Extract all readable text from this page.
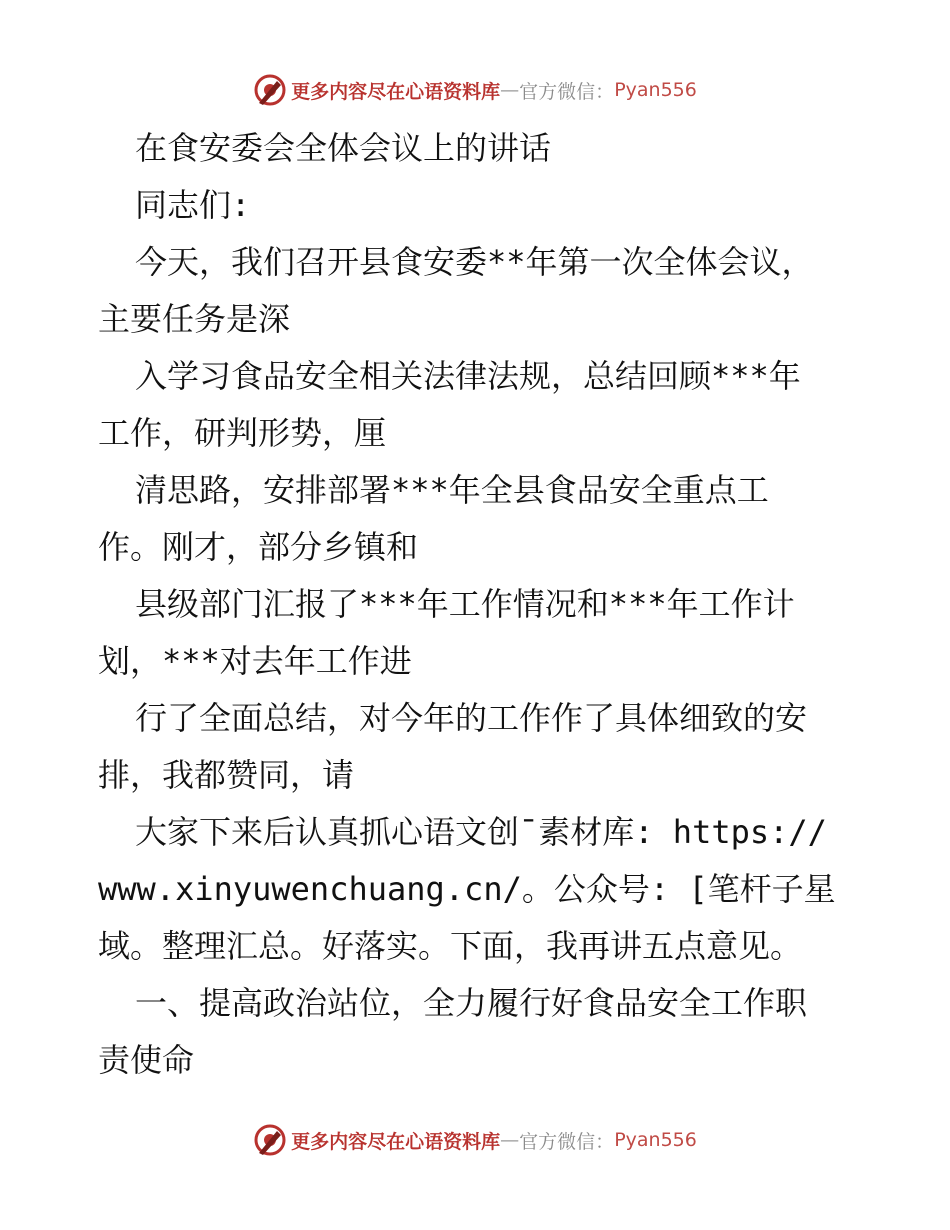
更多内容尽在心语资料库 — 官方微信： Pyan556
在食安委会全体会议上的讲话
同志们:
今天，我们召开县食安委**年第一次全体会议，
主要任务是深
入学习食品安全相关法律法规，总结回顾***年
工作，研判形势，厘
清思路，安排部署***年全县食品安全重点工
作。刚才，部分乡镇和
县级部门汇报了***年工作情况和***年工作计
划，***对去年工作进
行了全面总结，对今年的工作作了具体细致的安
排，我都赞同，请
大家下来后认真抓心语文创¯素材库: https://
www.xinyuwenchuang.cn/。公众号: [笔杆子星
域。整理汇总。好落实。下面，我再讲五点意见。
一、提高政治站位，全力履行好食品安全工作职
责使命
更多内容尽在心语资料库 — 官方微信： Pyan556
